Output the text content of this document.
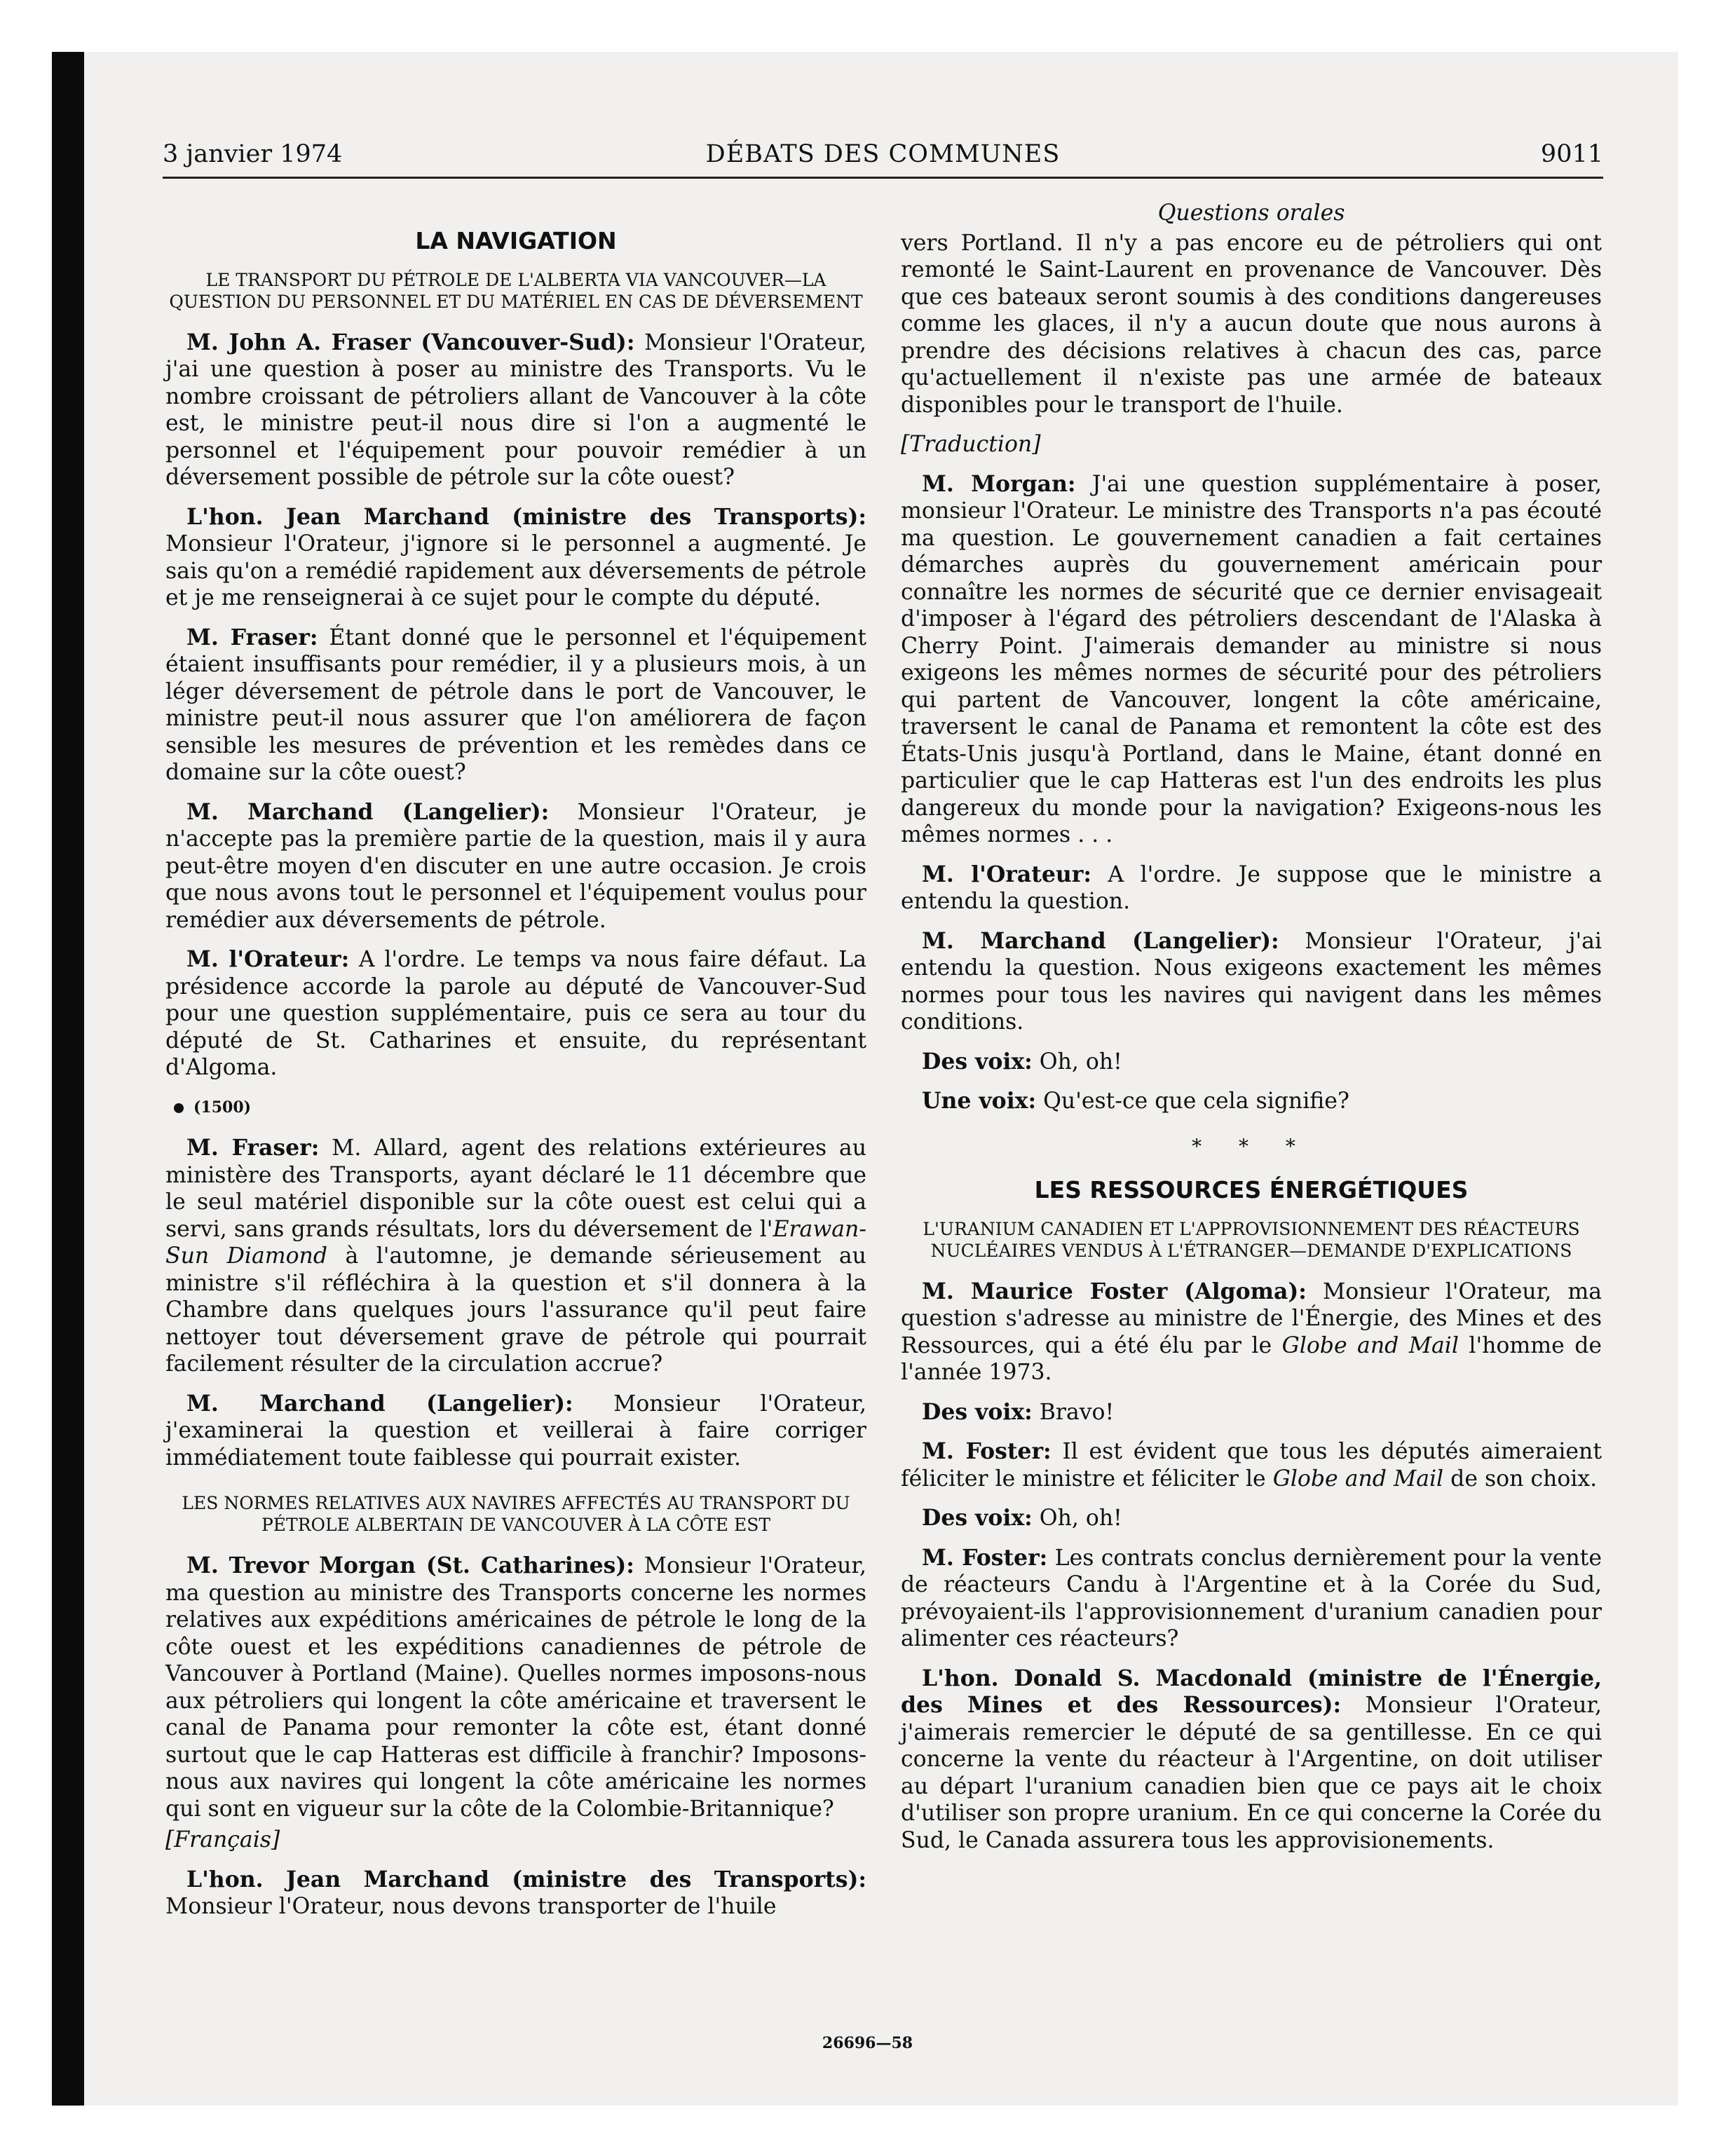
3 janvier 1974	DÉBATS DES COMMUNES	9011
LA NAVIGATION
LE TRANSPORT DU PÉTROLE DE L'ALBERTA VIA VANCOUVER—LA QUESTION DU PERSONNEL ET DU MATÉRIEL EN CAS DE DÉVERSEMENT

M. John A. Fraser (Vancouver-Sud): Monsieur l'Orateur, j'ai une question à poser au ministre des Transports. Vu le nombre croissant de pétroliers allant de Vancouver à la côte est, le ministre peut-il nous dire si l'on a augmenté le personnel et l'équipement pour pouvoir remédier à un déversement possible de pétrole sur la côte ouest?

L'hon. Jean Marchand (ministre des Transports): Monsieur l'Orateur, j'ignore si le personnel a augmenté. Je sais qu'on a remédié rapidement aux déversements de pétrole et je me renseignerai à ce sujet pour le compte du député.

M. Fraser: Étant donné que le personnel et l'équipement étaient insuffisants pour remédier, il y a plusieurs mois, à un léger déversement de pétrole dans le port de Vancouver, le ministre peut-il nous assurer que l'on améliorera de façon sensible les mesures de prévention et les remèdes dans ce domaine sur la côte ouest?

M. Marchand (Langelier): Monsieur l'Orateur, je n'accepte pas la première partie de la question, mais il y aura peut-être moyen d'en discuter en une autre occasion. Je crois que nous avons tout le personnel et l'équipement voulus pour remédier aux déversements de pétrole.

M. l'Orateur: A l'ordre. Le temps va nous faire défaut. La présidence accorde la parole au député de Vancouver-Sud pour une question supplémentaire, puis ce sera au tour du député de St. Catharines et ensuite, du représentant d'Algoma.

(1500)

M. Fraser: M. Allard, agent des relations extérieures au ministère des Transports, ayant déclaré le 11 décembre que le seul matériel disponible sur la côte ouest est celui qui a servi, sans grands résultats, lors du déversement de l'Erawan-Sun Diamond à l'automne, je demande sérieusement au ministre s'il réfléchira à la question et s'il donnera à la Chambre dans quelques jours l'assurance qu'il peut faire nettoyer tout déversement grave de pétrole qui pourrait facilement résulter de la circulation accrue?

M. Marchand (Langelier): Monsieur l'Orateur, j'examinerai la question et veillerai à faire corriger immédiatement toute faiblesse qui pourrait exister.

LES NORMES RELATIVES AUX NAVIRES AFFECTÉS AU TRANSPORT DU PÉTROLE ALBERTAIN DE VANCOUVER À LA CÔTE EST

M. Trevor Morgan (St. Catharines): Monsieur l'Orateur, ma question au ministre des Transports concerne les normes relatives aux expéditions américaines de pétrole le long de la côte ouest et les expéditions canadiennes de pétrole de Vancouver à Portland (Maine). Quelles normes imposons-nous aux pétroliers qui longent la côte américaine et traversent le canal de Panama pour remonter la côte est, étant donné surtout que le cap Hatteras est difficile à franchir? Imposons-nous aux navires qui longent la côte américaine les normes qui sont en vigueur sur la côte de la Colombie-Britannique?

[Français]

L'hon. Jean Marchand (ministre des Transports): Monsieur l'Orateur, nous devons transporter de l'huile

Questions orales

vers Portland. Il n'y a pas encore eu de pétroliers qui ont remonté le Saint-Laurent en provenance de Vancouver. Dès que ces bateaux seront soumis à des conditions dangereuses comme les glaces, il n'y a aucun doute que nous aurons à prendre des décisions relatives à chacun des cas, parce qu'actuellement il n'existe pas une armée de bateaux disponibles pour le transport de l'huile.

[Traduction]

M. Morgan: J'ai une question supplémentaire à poser, monsieur l'Orateur. Le ministre des Transports n'a pas écouté ma question. Le gouvernement canadien a fait certaines démarches auprès du gouvernement américain pour connaître les normes de sécurité que ce dernier envisageait d'imposer à l'égard des pétroliers descendant de l'Alaska à Cherry Point. J'aimerais demander au ministre si nous exigeons les mêmes normes de sécurité pour des pétroliers qui partent de Vancouver, longent la côte américaine, traversent le canal de Panama et remontent la côte est des États-Unis jusqu'à Portland, dans le Maine, étant donné en particulier que le cap Hatteras est l'un des endroits les plus dangereux du monde pour la navigation? Exigeons-nous les mêmes normes . . .

M. l'Orateur: A l'ordre. Je suppose que le ministre a entendu la question.

M. Marchand (Langelier): Monsieur l'Orateur, j'ai entendu la question. Nous exigeons exactement les mêmes normes pour tous les navires qui navigent dans les mêmes conditions.

Des voix: Oh, oh!

Une voix: Qu'est-ce que cela signifie?

* * *
LES RESSOURCES ÉNERGÉTIQUES
L'URANIUM CANADIEN ET L'APPROVISIONNEMENT DES RÉACTEURS NUCLÉAIRES VENDUS À L'ÉTRANGER—DEMANDE D'EXPLICATIONS

M. Maurice Foster (Algoma): Monsieur l'Orateur, ma question s'adresse au ministre de l'Énergie, des Mines et des Ressources, qui a été élu par le Globe and Mail l'homme de l'année 1973.

Des voix: Bravo!

M. Foster: Il est évident que tous les députés aimeraient féliciter le ministre et féliciter le Globe and Mail de son choix.

Des voix: Oh, oh!

M. Foster: Les contrats conclus dernièrement pour la vente de réacteurs Candu à l'Argentine et à la Corée du Sud, prévoyaient-ils l'approvisionnement d'uranium canadien pour alimenter ces réacteurs?

L'hon. Donald S. Macdonald (ministre de l'Énergie, des Mines et des Ressources): Monsieur l'Orateur, j'aimerais remercier le député de sa gentillesse. En ce qui concerne la vente du réacteur à l'Argentine, on doit utiliser au départ l'uranium canadien bien que ce pays ait le choix d'utiliser son propre uranium. En ce qui concerne la Corée du Sud, le Canada assurera tous les approvisionements.

26696—58
